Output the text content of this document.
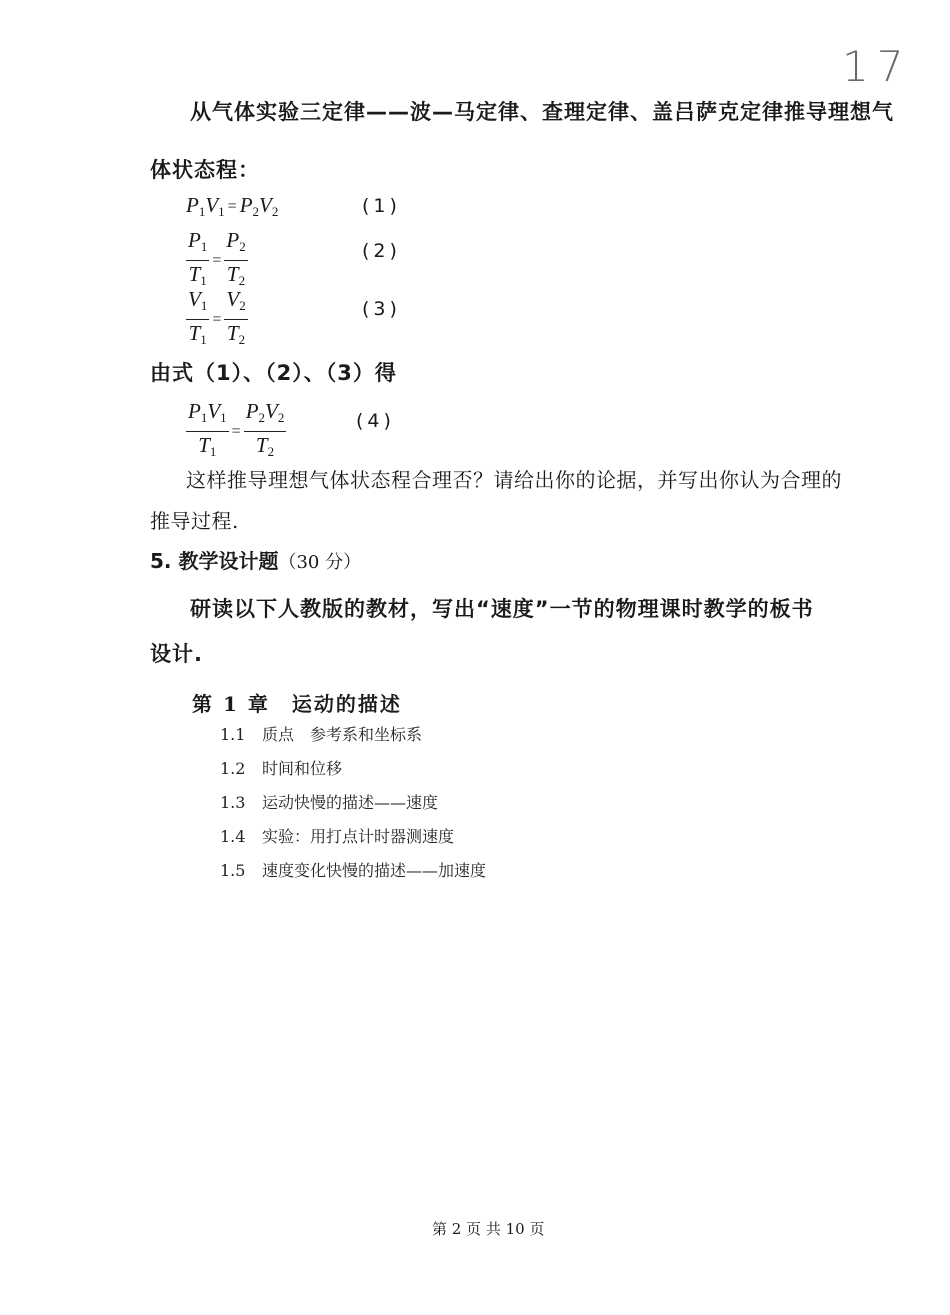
17
从气体实验三定律——波—马定律、查理定律、盖吕萨克定律推导理想气
体状态程：
$P_1V_1 = P_2V_2$	(1)
$\frac{P_1}{T_1} = \frac{P_2}{T_2}$	(2)
$\frac{V_1}{T_1} = \frac{V_2}{T_2}$	(3)
由式（1）、（2）、（3）得
$\frac{P_1V_1}{T_1} = \frac{P_2V_2}{T_2}$	(4)
这样推导理想气体状态程合理否？请给出你的论据，并写出你认为合理的
推导过程.
5. 教学设计题（30 分）
研读以下人教版的教材，写出“速度”一节的物理课时教学的板书
设计.
第 1 章　运动的描述
1.1 质点　参考系和坐标系
1.2 时间和位移
1.3 运动快慢的描述——速度
1.4 实验：用打点计时器测速度
1.5 速度变化快慢的描述——加速度
第 2 页 共 10 页
